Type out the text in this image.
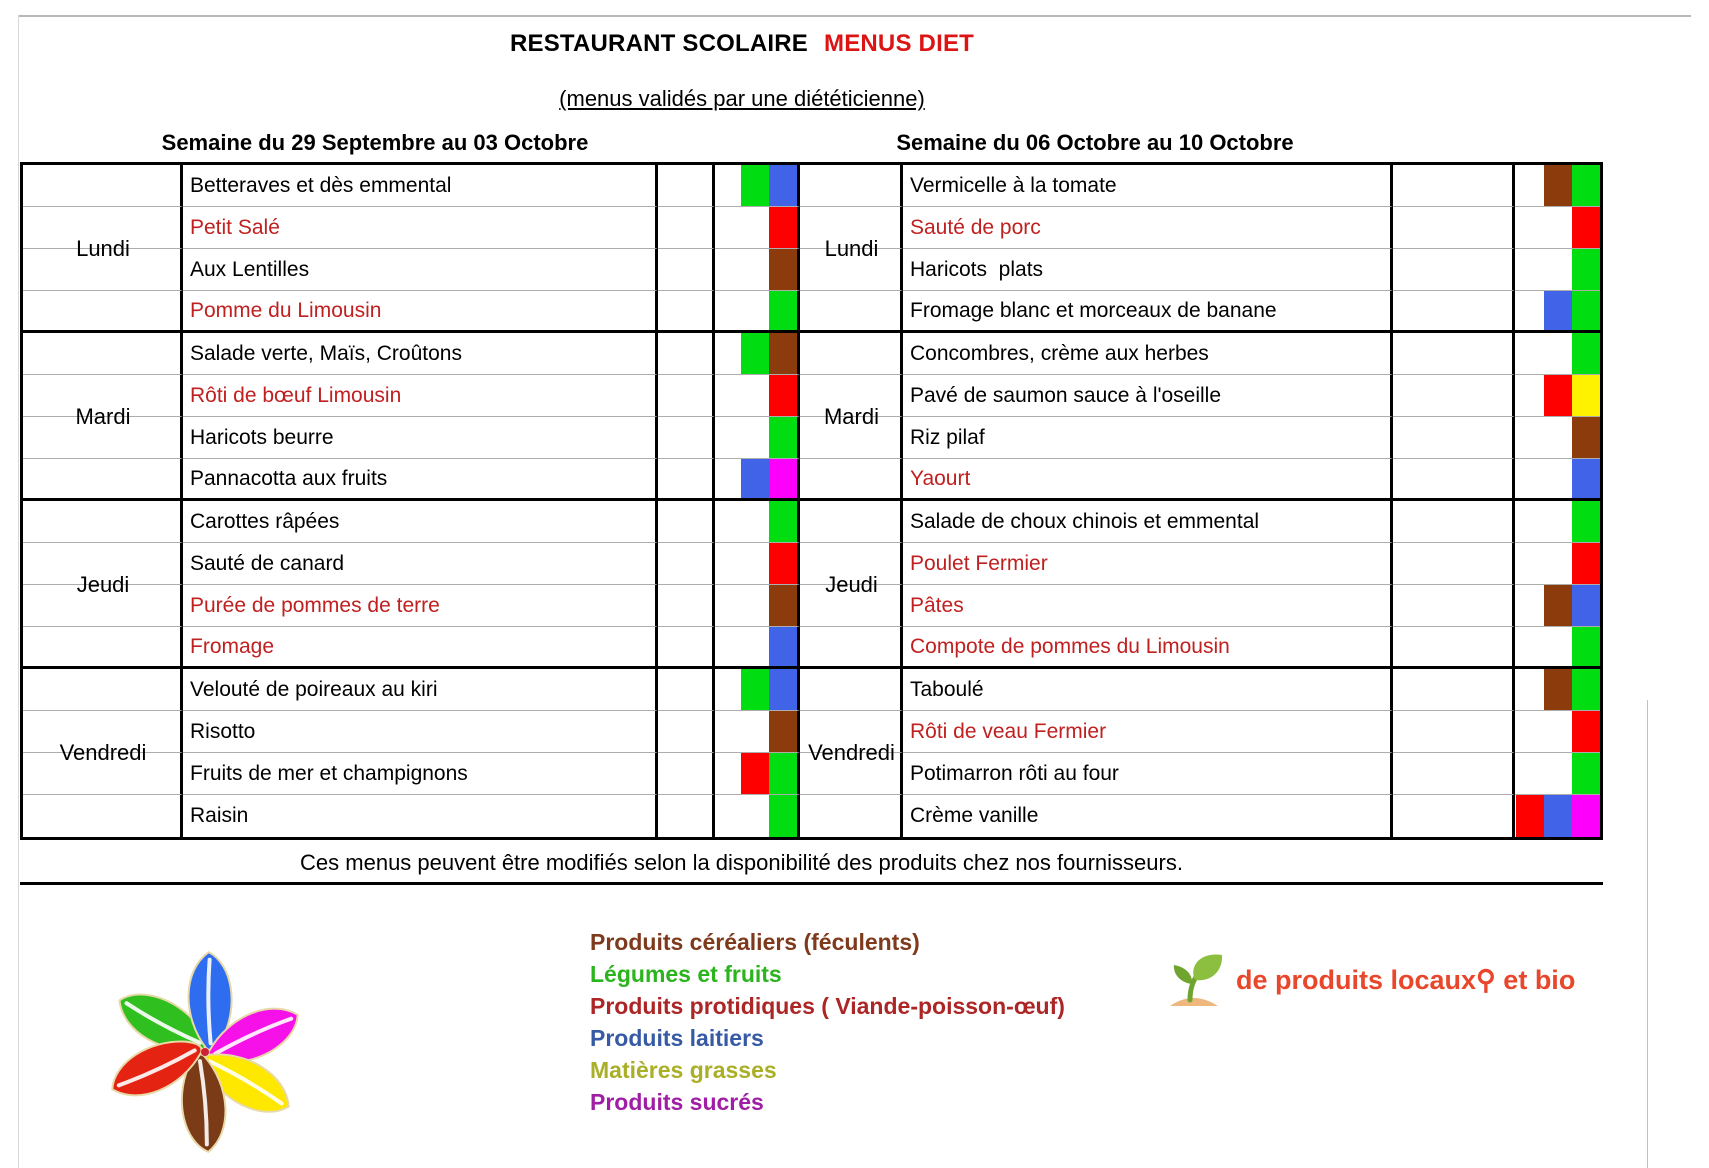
RESTAURANT SCOLAIRE MENUS DIET
(menus validés par une diététicienne)
Semaine du 29 Septembre au 03 Octobre	Semaine du 06 Octobre au 10 Octobre
Betteraves et dès emmental
Petit Salé
Aux Lentilles
Pomme du Limousin
Lundi
Salade verte, Maïs, Croûtons
Rôti de bœuf Limousin
Haricots beurre
Pannacotta aux fruits
Mardi
Carottes râpées
Sauté de canard
Purée de pommes de terre
Fromage
Jeudi
Velouté de poireaux au kiri
Risotto
Fruits de mer et champignons
Raisin
Vendredi
Vermicelle à la tomate
Sauté de porc
Haricots  plats
Fromage blanc et morceaux de banane
Lundi
Concombres, crème aux herbes
Pavé de saumon sauce à l'oseille
Riz pilaf
Yaourt
Mardi
Salade de choux chinois et emmental
Poulet Fermier
Pâtes
Compote de pommes du Limousin
Jeudi
Taboulé
Rôti de veau Fermier
Potimarron rôti au four
Crème vanille
Vendredi
Ces menus peuvent être modifiés selon la disponibilité des produits chez nos fournisseurs.
Produits céréaliers (féculents)
Légumes et fruits
Produits protidiques ( Viande-poisson-œuf)
Produits laitiers
Matières grasses
Produits sucrés
de produits locaux⚲ et bio
